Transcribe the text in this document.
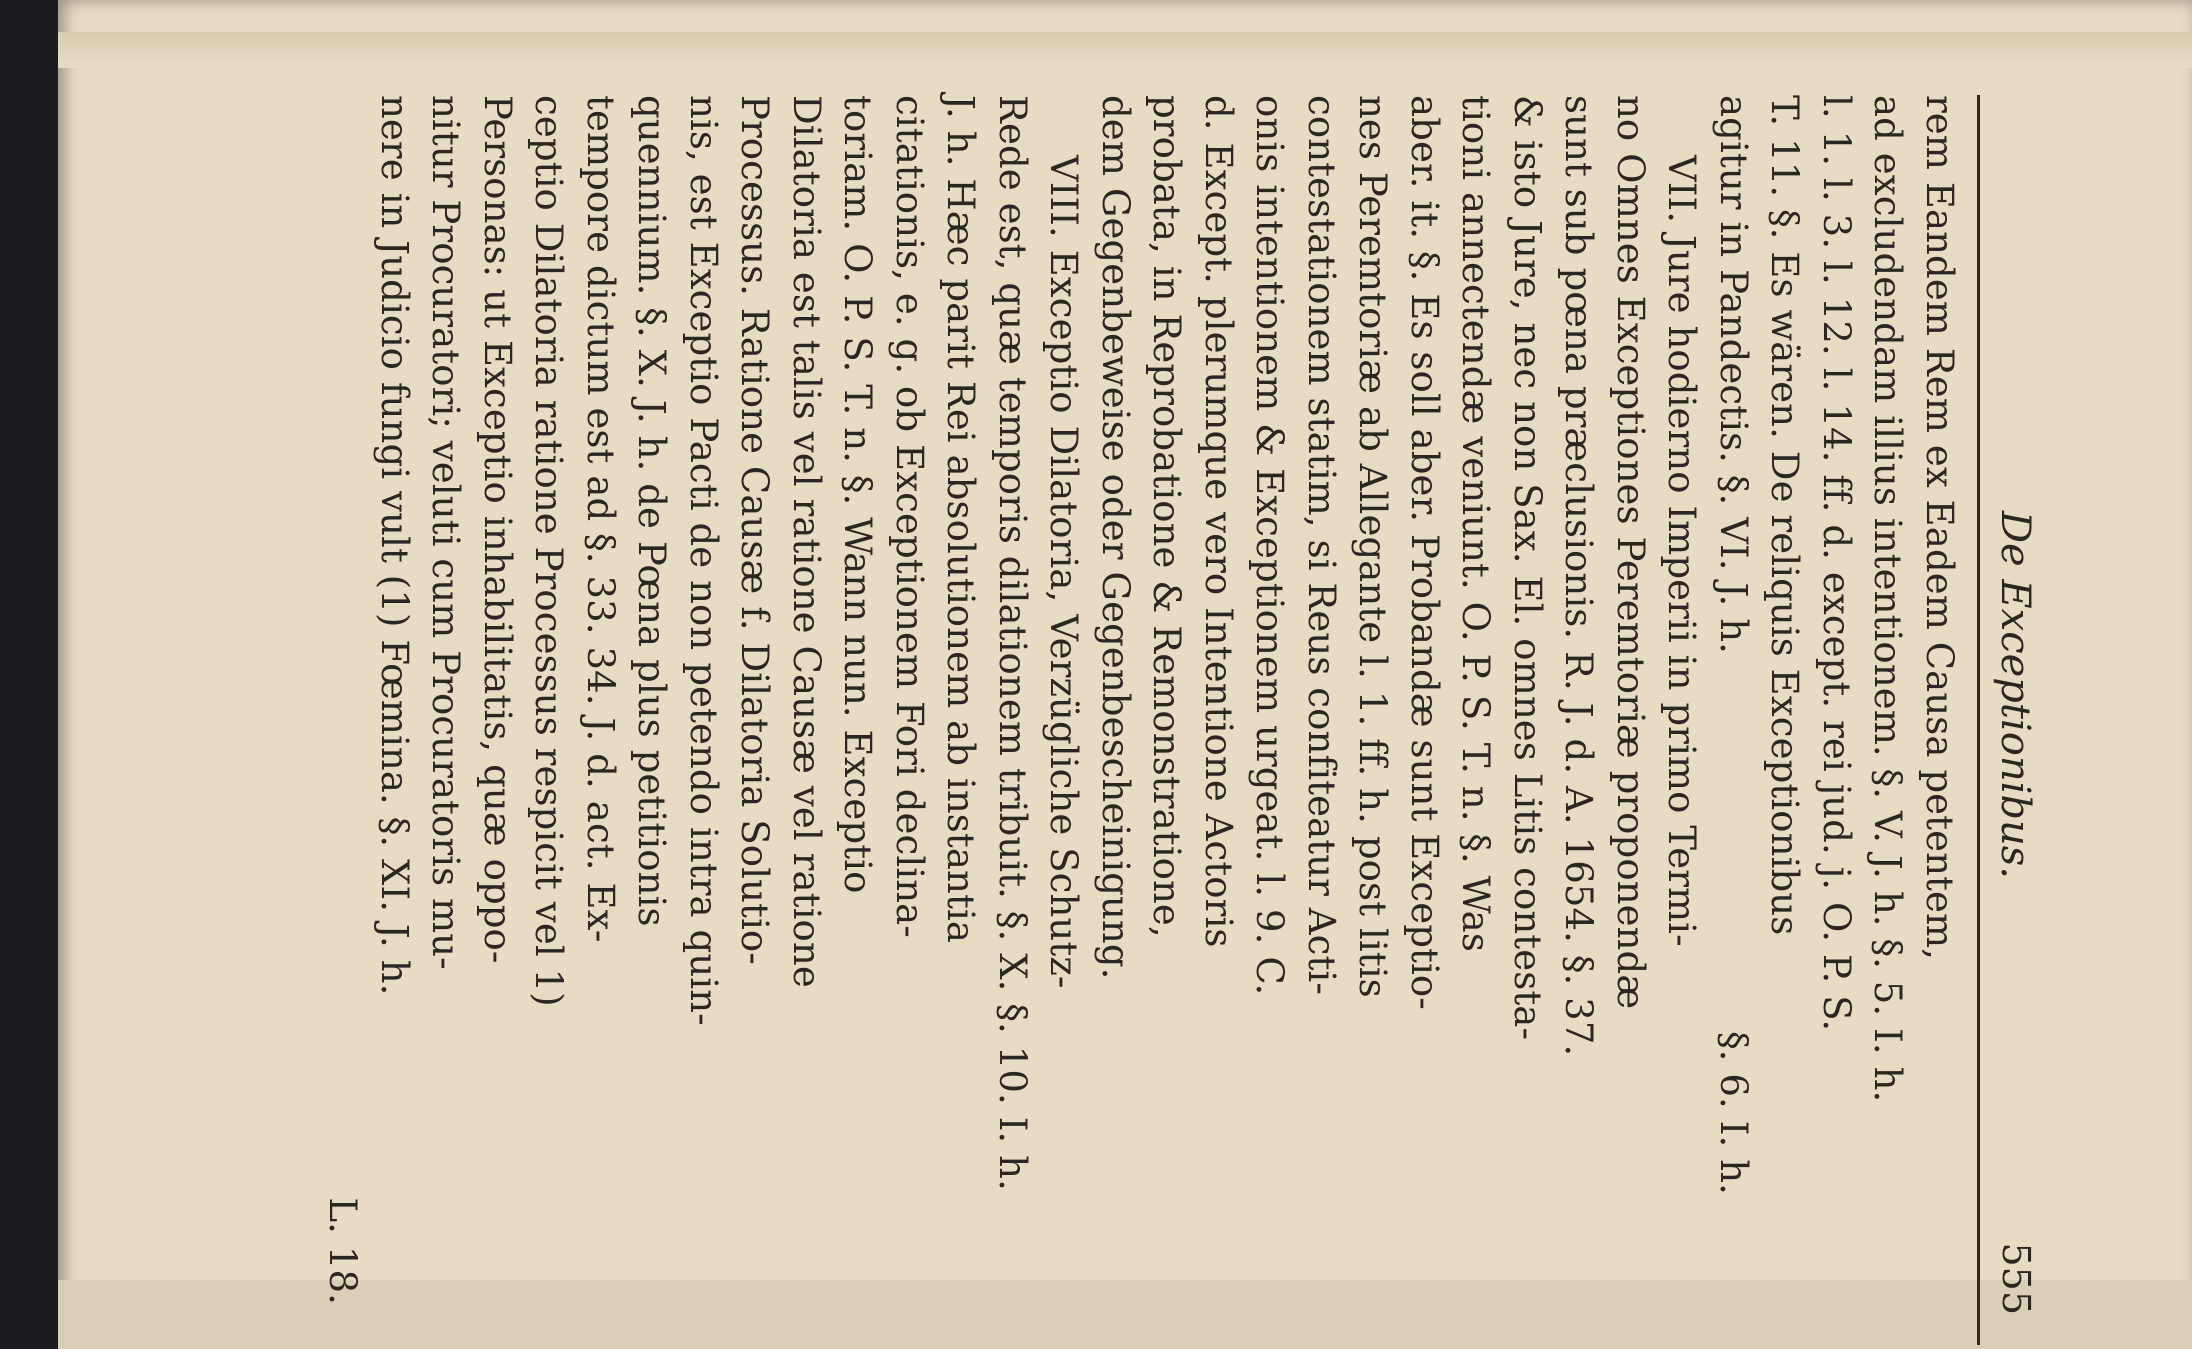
De Exceptionibus.
555
rem Eandem Rem ex Eadem Causa petentem,
ad excludendam illius intentionem. §. V. J. h. §. 5. I. h.
l. 1. l. 3. l. 12. l. 14. ff. d. except. rei jud. j. O. P. S.
T. 11. §. Es wären. De reliquis Exceptionibus
agitur in Pandectis. §. VI. J. h.
§. 6. I. h.
VII. Jure hodierno Imperii in primo Termi-
no Omnes Exceptiones Peremtoriæ proponendæ
sunt sub pœna præclusionis. R. J. d. A. 1654. §. 37.
& isto Jure, nec non Sax. El. omnes Litis contesta-
tioni annectendæ veniunt. O. P. S. T. n. §. Was
aber. it. §. Es soll aber. Probandæ sunt Exceptio-
nes Peremtoriæ ab Allegante l. 1. ff. h. post litis
contestationem statim, si Reus confiteatur Acti-
onis intentionem & Exceptionem urgeat. l. 9. C.
d. Except. plerumque vero Intentione Actoris
probata, in Reprobatione & Remonstratione,
dem Gegenbeweise oder Gegenbescheinigung.
VIII. Exceptio Dilatoria, Verzügliche Schutz-
Rede est, quæ temporis dilationem tribuit. §. X. §. 10. I. h.
J. h. Hæc parit Rei absolutionem ab instantia
citationis, e. g. ob Exceptionem Fori declina-
toriam. O. P. S. T. n. §. Wann nun. Exceptio
Dilatoria est talis vel ratione Causæ vel ratione
Processus. Ratione Causæ f. Dilatoria Solutio-
nis, est Exceptio Pacti de non petendo intra quin-
quennium. §. X. J. h. de Pœna plus petitionis
tempore dictum est ad §. 33. 34. J. d. act. Ex-
ceptio Dilatoria ratione Processus respicit vel 1)
Personas: ut Exceptio inhabilitatis, quæ oppo-
nitur Procuratori; veluti cum Procuratoris mu-
nere in Judicio fungi vult (1) Fœmina. §. XI. J. h.
L. 18.
